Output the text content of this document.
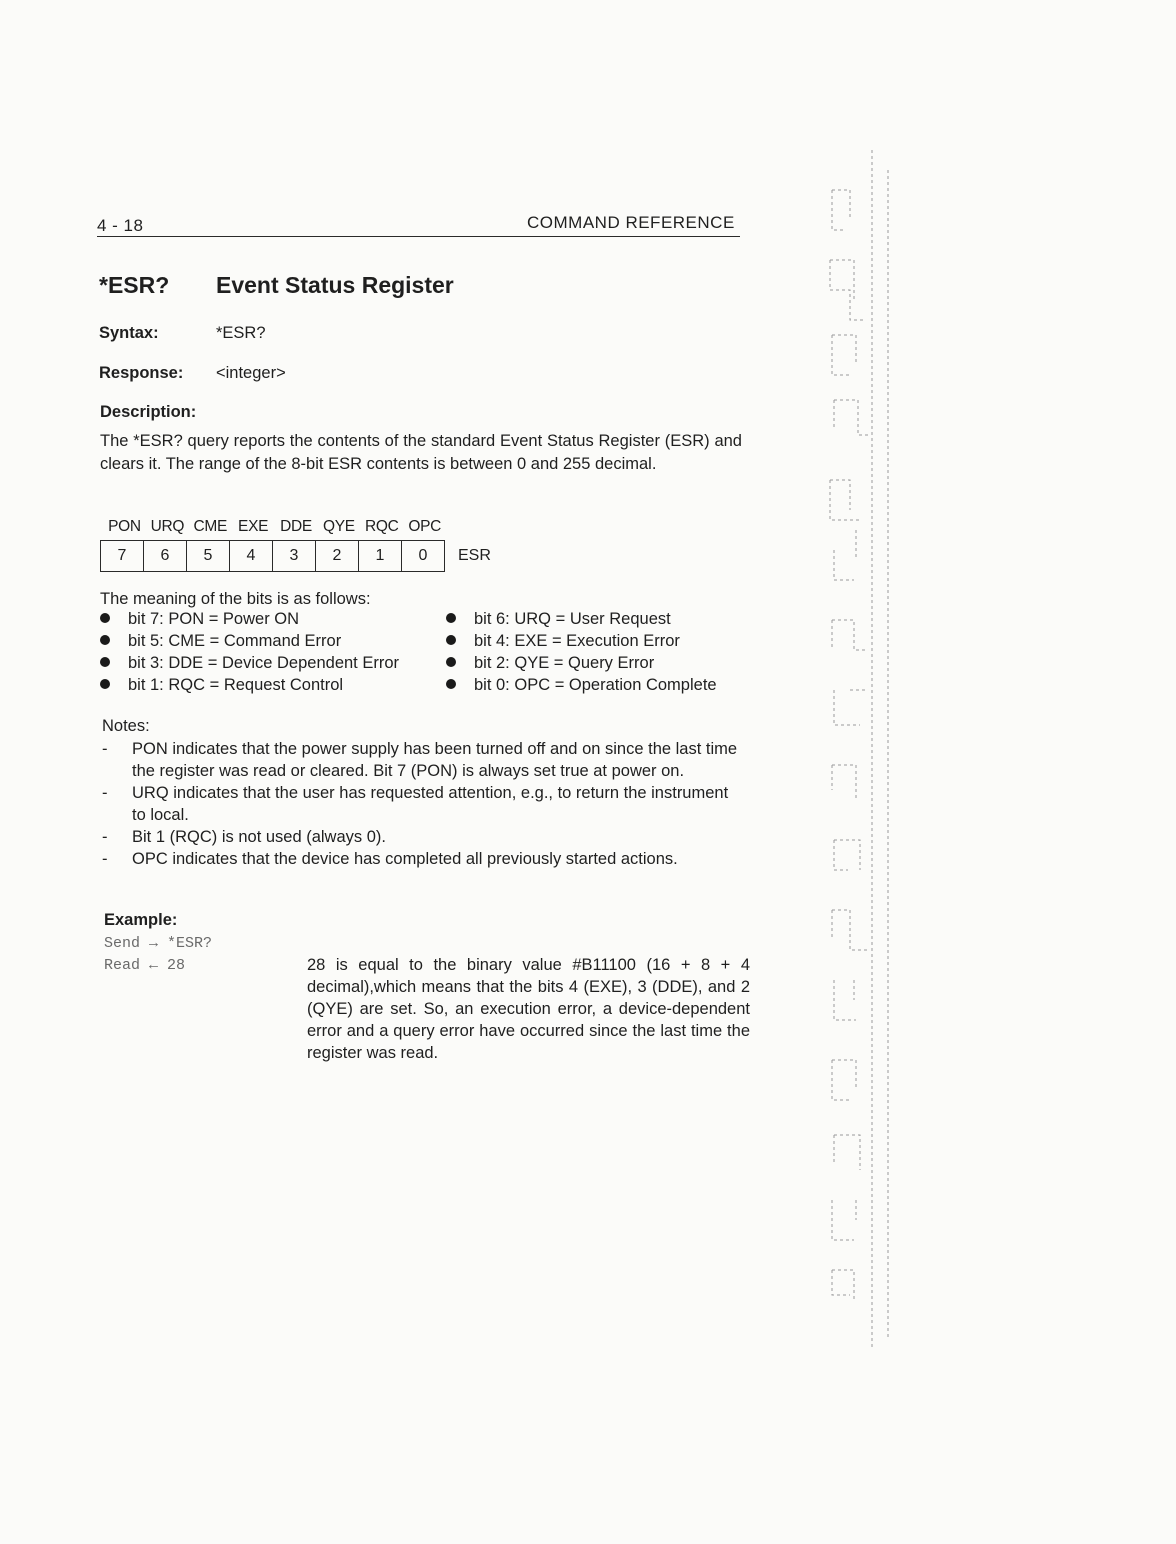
4 - 18	COMMAND REFERENCE
*ESR? Event Status Register
Syntax:	*ESR?
Response: <integer>
Description:
The *ESR? query reports the contents of the standard Event Status Register (ESR) and clears it. The range of the 8-bit ESR contents is between 0 and 255 decimal.
PON URQ CME EXE DDE QYE RQC OPC
7	6	5	4	3	2	1	0	ESR
The meaning of the bits is as follows:
bit 7: PON = Power ON	bit 6: URQ = User Request
bit 5: CME = Command Error	bit 4: EXE = Execution Error
bit 3: DDE = Device Dependent Error	bit 2: QYE = Query Error
bit 1: RQC = Request Control	bit 0: OPC = Operation Complete
Notes:
- PON indicates that the power supply has been turned off and on since the last time the register was read or cleared. Bit 7 (PON) is always set true at power on.
- URQ indicates that the user has requested attention, e.g., to return the instrument to local.
- Bit 1 (RQC) is not used (always 0).
- OPC indicates that the device has completed all previously started actions.
Example:
Send → *ESR?
Read ← 28	28 is equal to the binary value #B11100 (16 + 8 + 4 decimal),which means that the bits 4 (EXE), 3 (DDE), and 2 (QYE) are set. So, an execution error, a device-dependent error and a query error have occurred since the last time the register was read.
